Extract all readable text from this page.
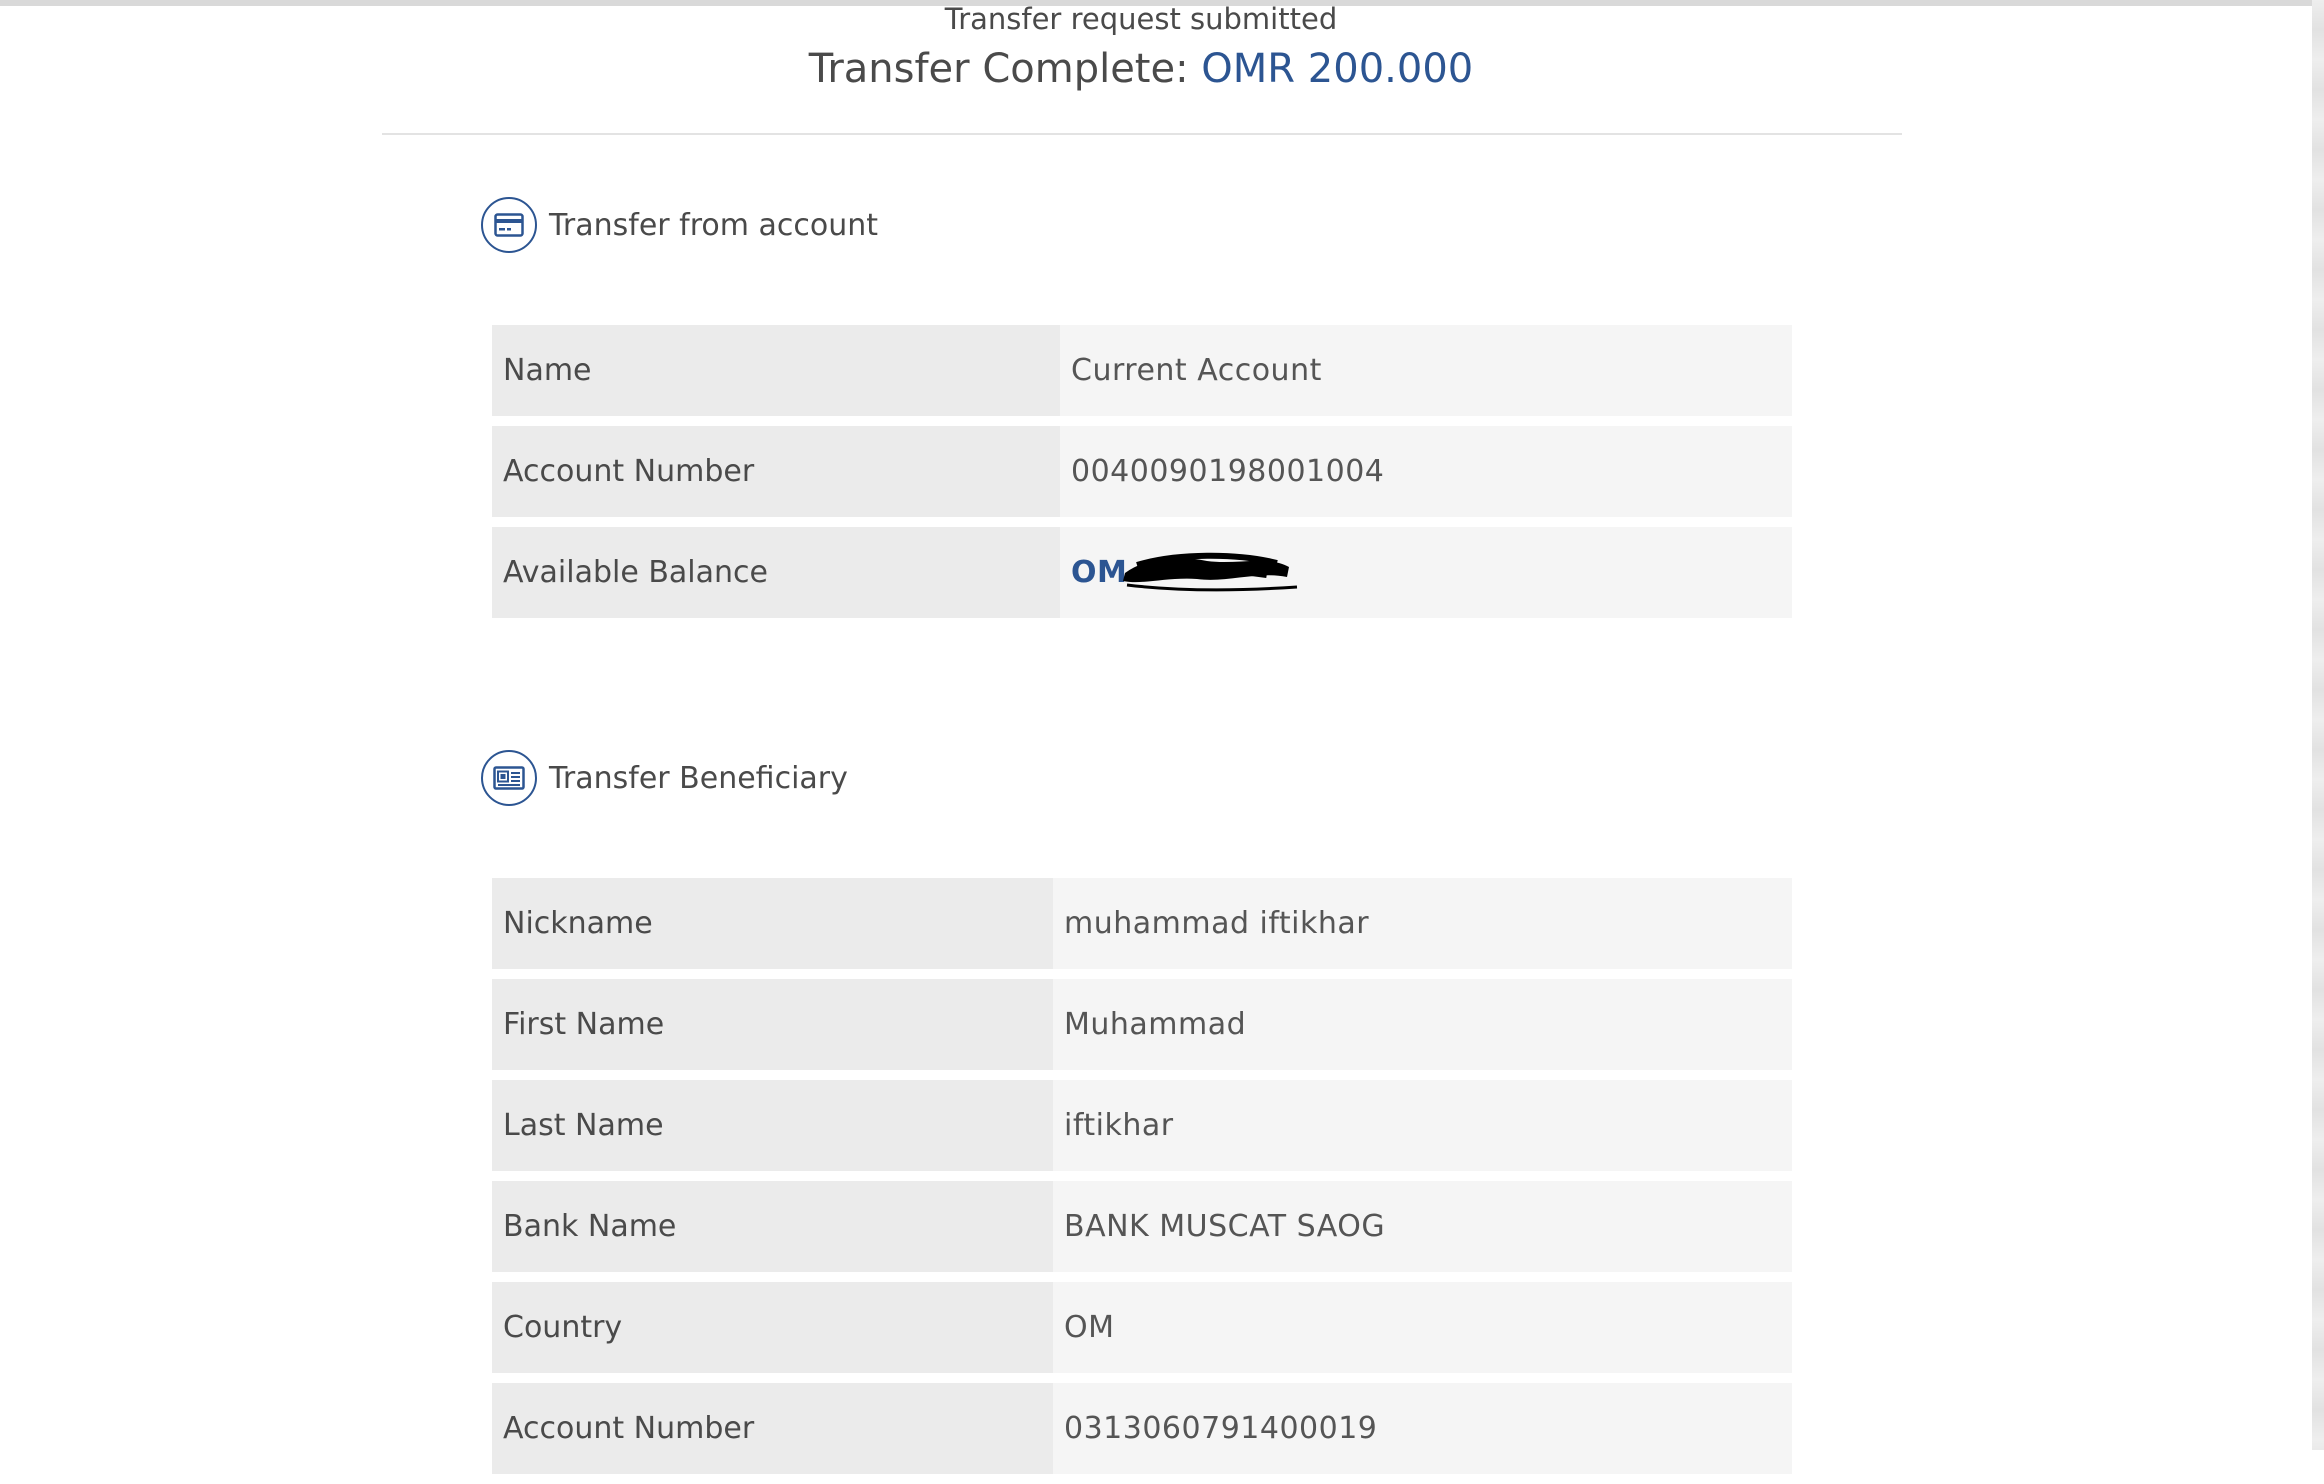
Transfer request submitted
Transfer Complete: OMR 200.000
Transfer from account
Name	Current Account
Account Number	0040090198001004
Available Balance	OM
Transfer Beneficiary
Nickname	muhammad iftikhar
First Name	Muhammad
Last Name	iftikhar
Bank Name	BANK MUSCAT SAOG
Country	OM
Account Number	0313060791400019
